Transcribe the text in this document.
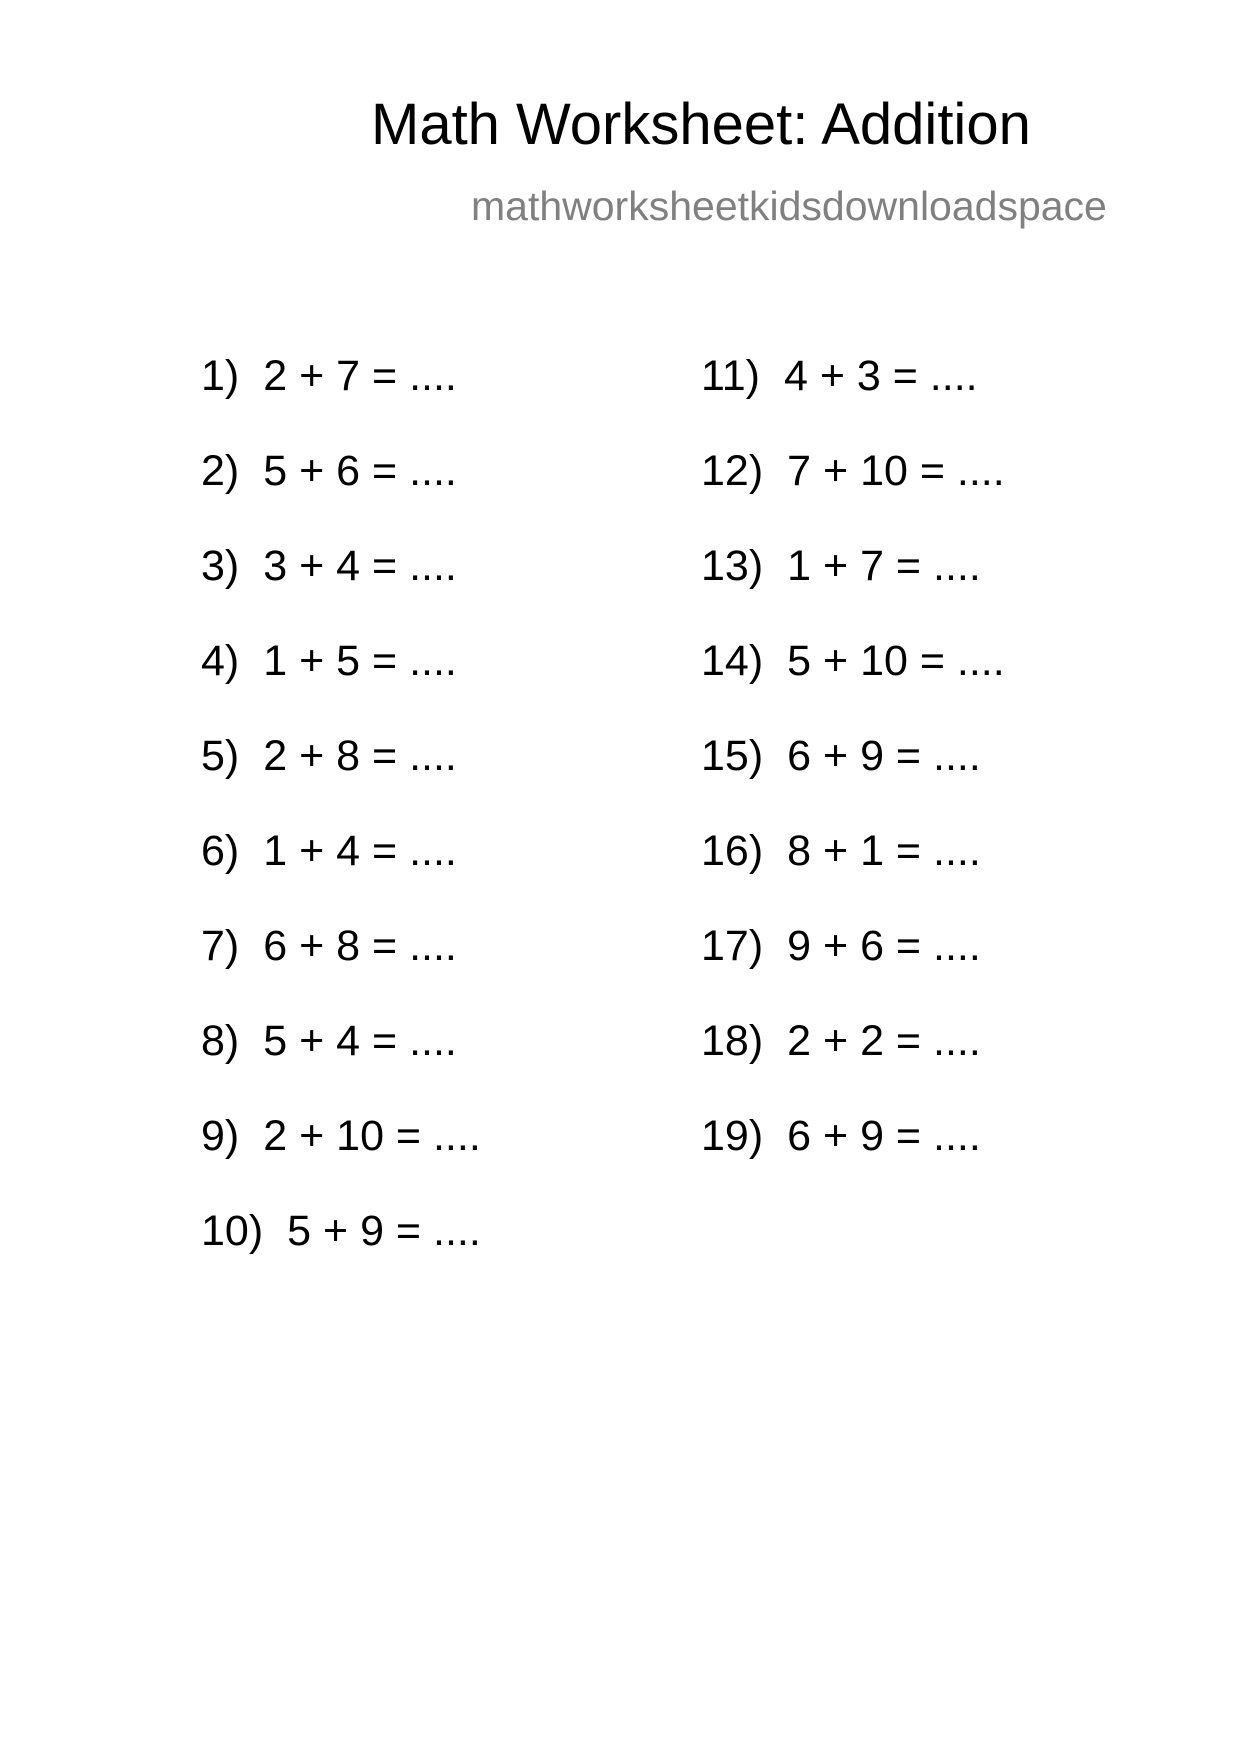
Math Worksheet: Addition
mathworksheetkidsdownloadspace
1) 2 + 7 = ....
2) 5 + 6 = ....
3) 3 + 4 = ....
4) 1 + 5 = ....
5) 2 + 8 = ....
6) 1 + 4 = ....
7) 6 + 8 = ....
8) 5 + 4 = ....
9) 2 + 10 = ....
10) 5 + 9 = ....
11) 4 + 3 = ....
12) 7 + 10 = ....
13) 1 + 7 = ....
14) 5 + 10 = ....
15) 6 + 9 = ....
16) 8 + 1 = ....
17) 9 + 6 = ....
18) 2 + 2 = ....
19) 6 + 9 = ....
